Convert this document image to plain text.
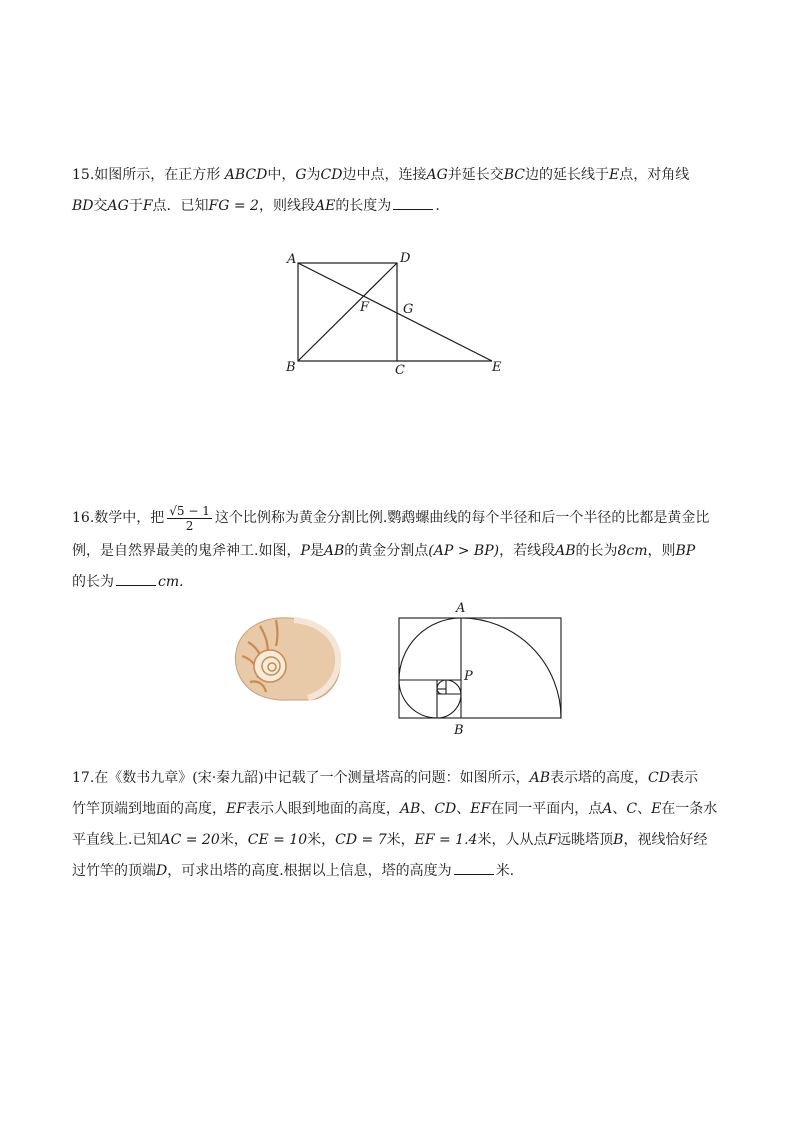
15.如图所示，在正方形 ABCD中，G为CD边中点，连接AG并延长交BC边的延长线于E点，对角线
BD交AG于F点．已知FG = 2，则线段AE的长度为	.
A	D
F	G
B	C	E
16.数学中，把 $\frac{√5 - 1}{2}$ 这个比例称为黄金分割比例.鹦鹉螺曲线的每个半径和后一个半径的比都是黄金比
例，是自然界最美的鬼斧神工.如图，P是AB的黄金分割点(AP > BP)，若线段AB的长为8cm，则BP
的长为	cm.
A
P
B
17.在《数书九章》(宋·秦九韶)中记载了一个测量塔高的问题：如图所示，AB表示塔的高度，CD表示
竹竿顶端到地面的高度，EF表示人眼到地面的高度，AB、CD、EF在同一平面内，点A、C、E在一条水
平直线上.已知AC = 20米，CE = 10米，CD = 7米，EF = 1.4米，人从点F远眺塔顶B，视线恰好经
过竹竿的顶端D，可求出塔的高度.根据以上信息，塔的高度为	米.
